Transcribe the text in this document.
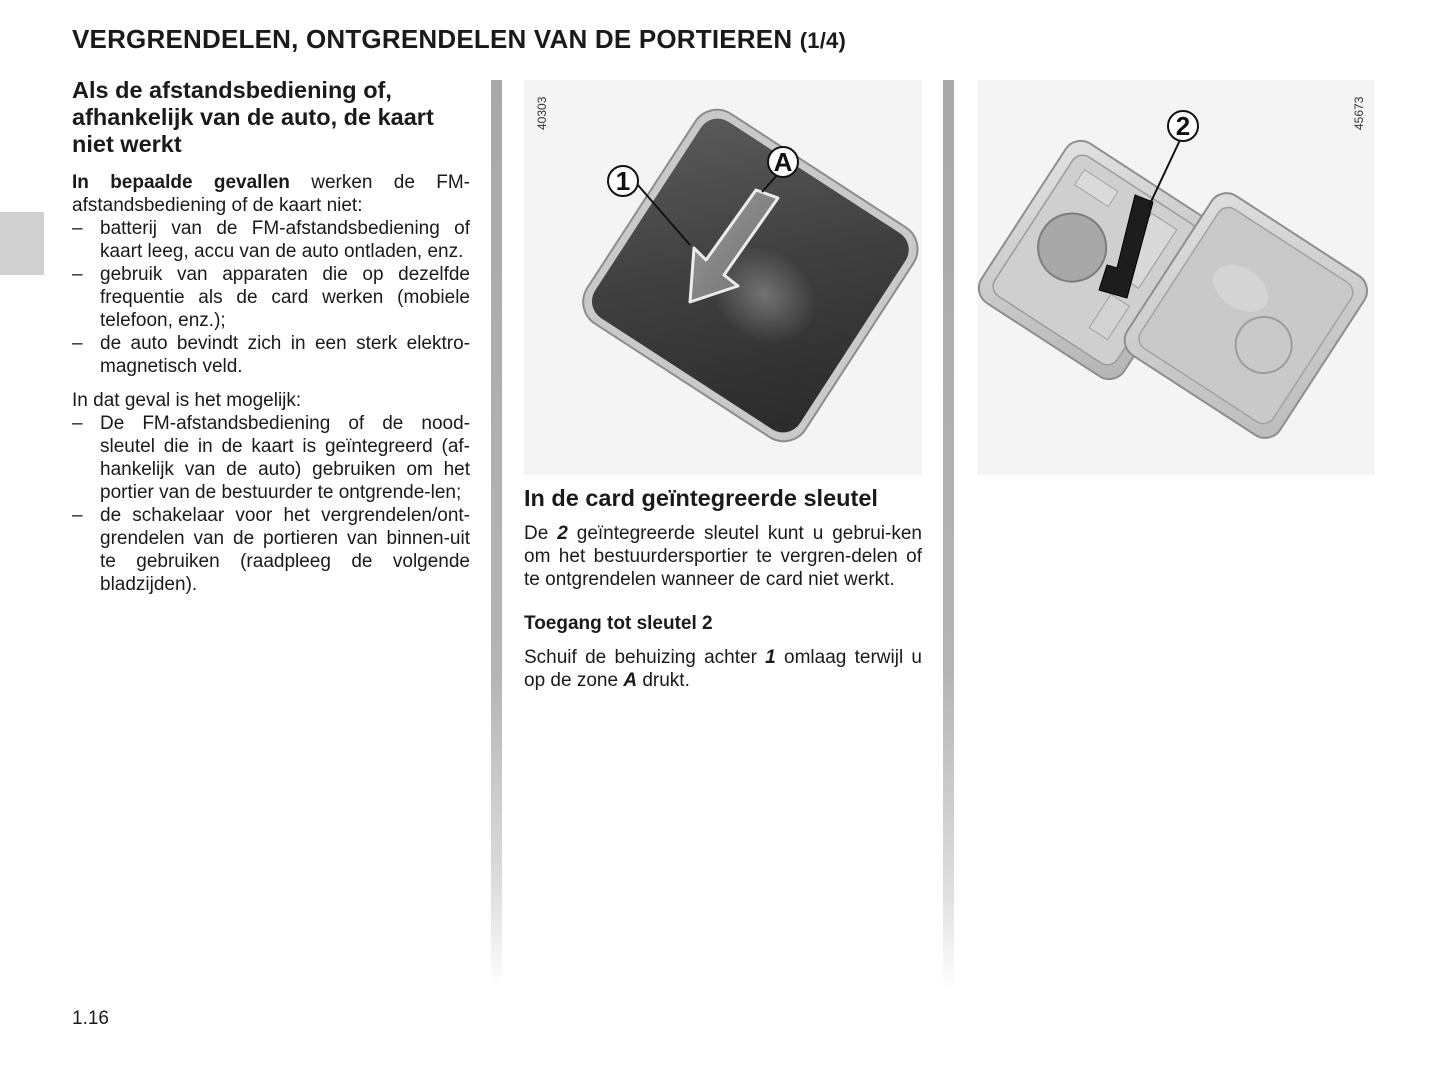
VERGRENDELEN, ONTGRENDELEN VAN DE PORTIEREN (1/4)
Als de afstandsbediening of, afhankelijk van de auto, de kaart niet werkt

In bepaalde gevallen werken de FM-afstandsbediening of de kaart niet:

– batterij van de FM-afstandsbediening of kaart leeg, accu van de auto ontladen, enz.
– gebruik van apparaten die op dezelfde frequentie als de card werken (mobiele telefoon, enz.);
– de auto bevindt zich in een sterk elektro-magnetisch veld.

In dat geval is het mogelijk:

– De FM-afstandsbediening of de nood-sleutel die in de kaart is geïntegreerd (af-hankelijk van de auto) gebruiken om het portier van de bestuurder te ontgrende-len;
– de schakelaar voor het vergrendelen/ont-grendelen van de portieren van binnen-uit te gebruiken (raadpleeg de volgende bladzijden).
40303
1
A
In de card geïntegreerde sleutel

De 2 geïntegreerde sleutel kunt u gebrui-ken om het bestuurdersportier te vergren-delen of te ontgrendelen wanneer de card niet werkt.

Toegang tot sleutel 2

Schuif de behuizing achter 1 omlaag terwijl u op de zone A drukt.

45673
2
1.16
